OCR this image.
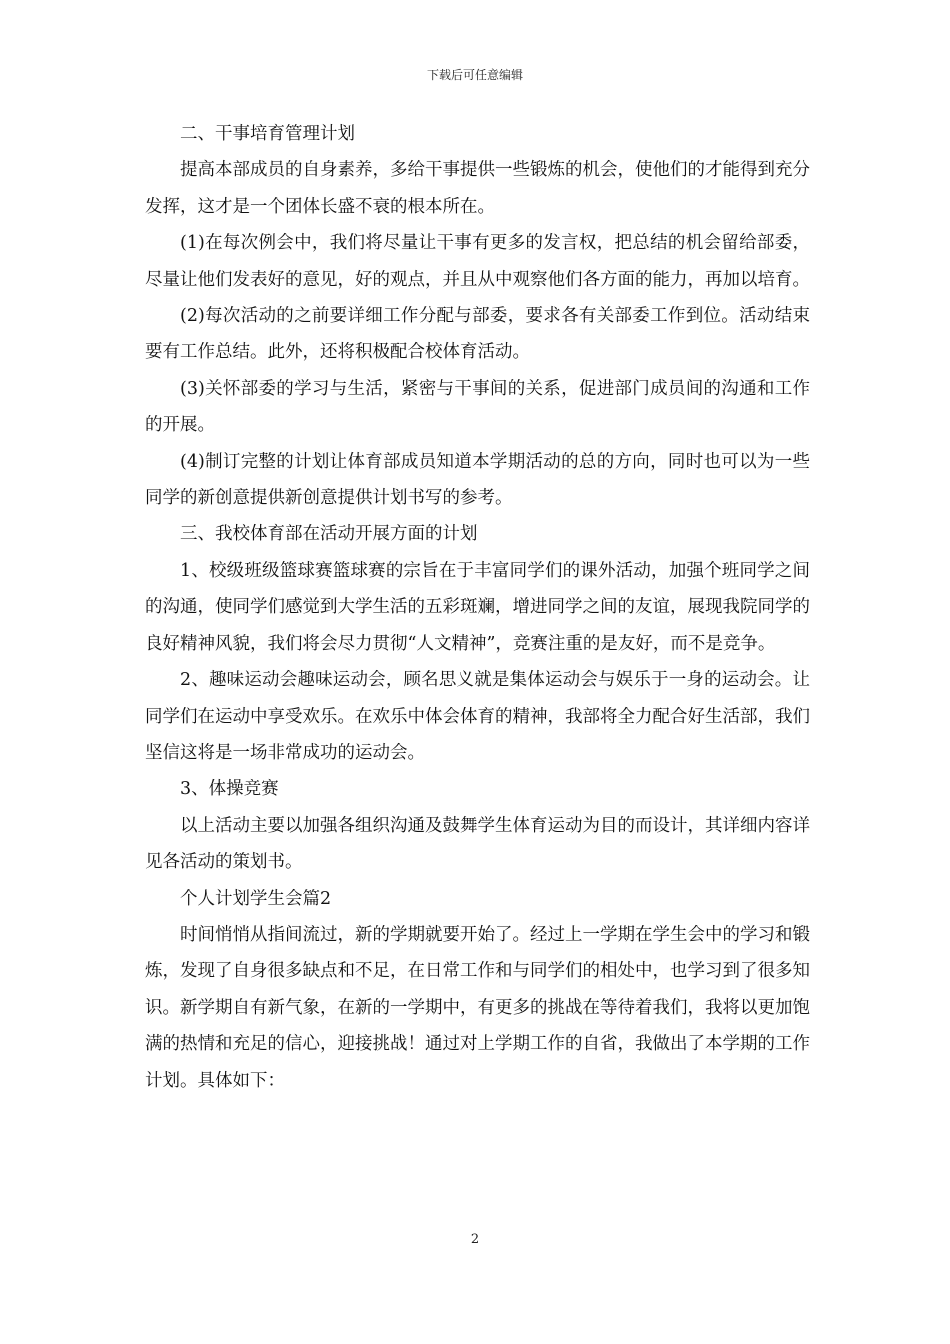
下载后可任意编辑

二、干事培育管理计划

提高本部成员的自身素养，多给干事提供一些锻炼的机会，使他们的才能得到充分发挥，这才是一个团体长盛不衰的根本所在。

(1)在每次例会中，我们将尽量让干事有更多的发言权，把总结的机会留给部委，尽量让他们发表好的意见，好的观点，并且从中观察他们各方面的能力，再加以培育。

(2)每次活动的之前要详细工作分配与部委，要求各有关部委工作到位。活动结束要有工作总结。此外，还将积极配合校体育活动。

(3)关怀部委的学习与生活，紧密与干事间的关系，促进部门成员间的沟通和工作的开展。

(4)制订完整的计划让体育部成员知道本学期活动的总的方向，同时也可以为一些同学的新创意提供新创意提供计划书写的参考。

三、我校体育部在活动开展方面的计划

1、校级班级篮球赛篮球赛的宗旨在于丰富同学们的课外活动，加强个班同学之间的沟通，使同学们感觉到大学生活的五彩斑斓，增进同学之间的友谊，展现我院同学的良好精神风貌，我们将会尽力贯彻“人文精神”，竞赛注重的是友好，而不是竞争。

2、趣味运动会趣味运动会，顾名思义就是集体运动会与娱乐于一身的运动会。让同学们在运动中享受欢乐。在欢乐中体会体育的精神，我部将全力配合好生活部，我们坚信这将是一场非常成功的运动会。

3、体操竞赛

以上活动主要以加强各组织沟通及鼓舞学生体育运动为目的而设计，其详细内容详见各活动的策划书。

个人计划学生会篇2

时间悄悄从指间流过，新的学期就要开始了。经过上一学期在学生会中的学习和锻炼，发现了自身很多缺点和不足，在日常工作和与同学们的相处中，也学习到了很多知识。新学期自有新气象，在新的一学期中，有更多的挑战在等待着我们，我将以更加饱满的热情和充足的信心，迎接挑战！通过对上学期工作的自省，我做出了本学期的工作计划。具体如下：

2
